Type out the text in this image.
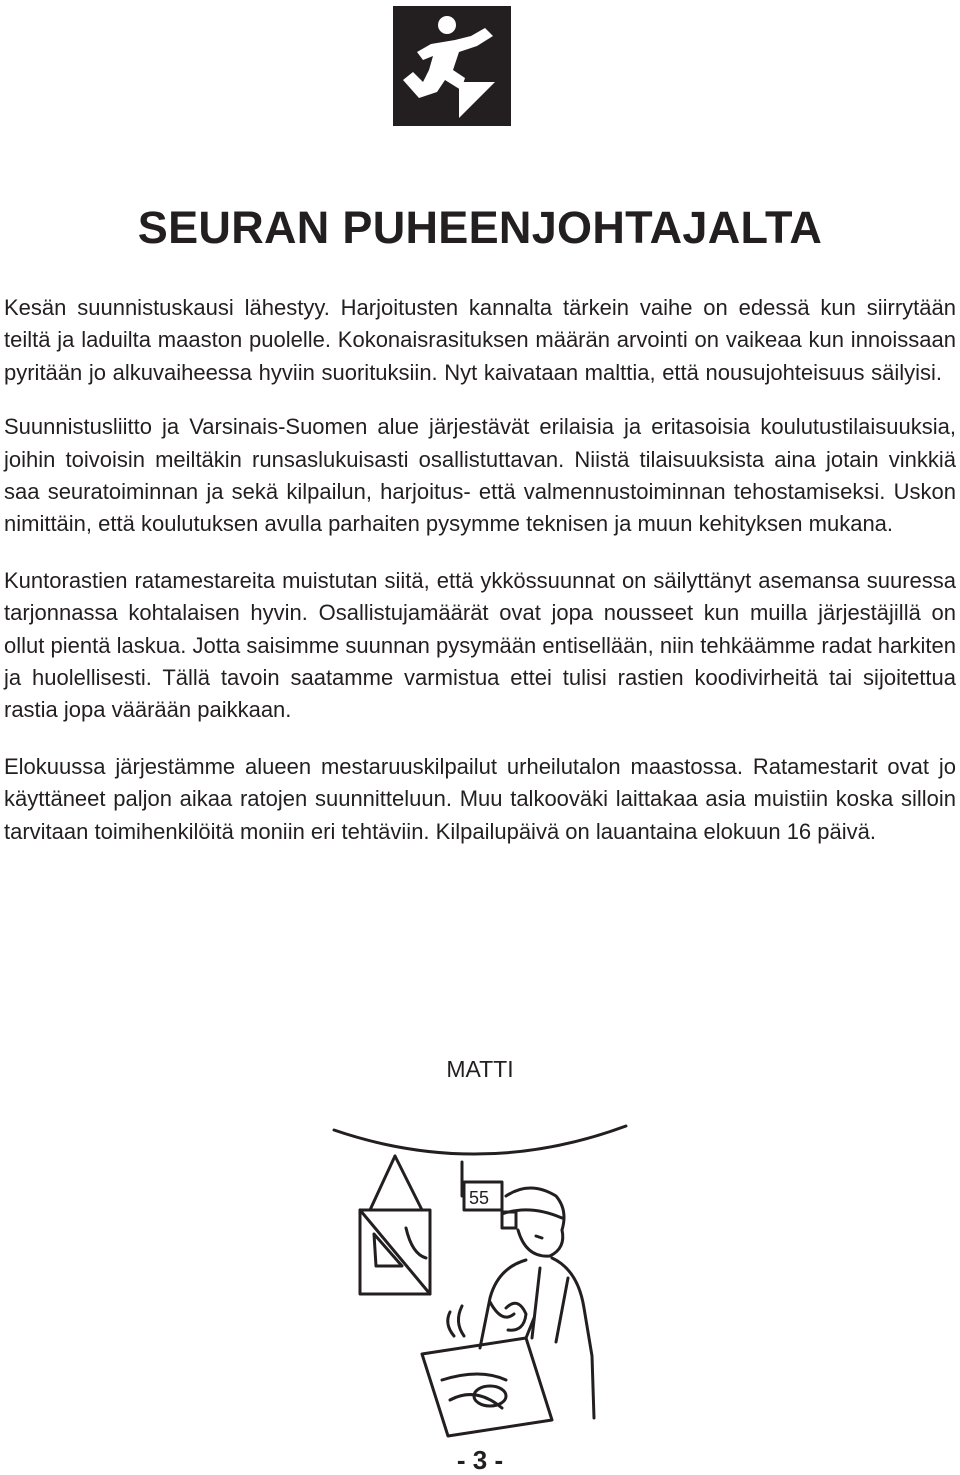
SEURAN PUHEENJOHTAJALTA

Kesän suunnistuskausi lähestyy. Harjoitusten kannalta tärkein vaihe on edessä kun siirrytään teiltä ja laduilta maaston puolelle. Kokonaisrasituksen määrän arvointi on vaikeaa kun innoissaan pyritään jo alkuvaiheessa hyviin suorituksiin. Nyt kaivataan malttia, että nousujohteisuus säilyisi.

Suunnistusliitto ja Varsinais-Suomen alue järjestävät erilaisia ja eritasoisia koulutustilaisuuksia, joihin toivoisin meiltäkin runsaslukuisasti osallistuttavan. Niistä tilaisuuksista aina jotain vinkkiä saa seuratoiminnan ja sekä kilpailun, harjoitus- että valmennustoiminnan tehostamiseksi. Uskon nimittäin, että koulutuksen avulla parhaiten pysymme teknisen ja muun kehityksen mukana.

Kuntorastien ratamestareita muistutan siitä, että ykkössuunnat on säilyttänyt asemansa suuressa tarjonnassa kohtalaisen hyvin. Osallistujamäärät ovat jopa nousseet kun muilla järjestäjillä on ollut pientä laskua. Jotta saisimme suunnan pysymään entisellään, niin tehkäämme radat harkiten ja huolellisesti. Tällä tavoin saatamme varmistua ettei tulisi rastien koodivirheitä tai sijoitettua rastia jopa väärään paikkaan.

Elokuussa järjestämme alueen mestaruuskilpailut urheilutalon maastossa. Ratamestarit ovat jo käyttäneet paljon aikaa ratojen suunnitteluun. Muu talkooväki laittakaa asia muistiin koska silloin tarvitaan toimihenkilöitä moniin eri tehtäviin. Kilpailupäivä on lauantaina elokuun 16 päivä.

MATTI

55

- 3 -
